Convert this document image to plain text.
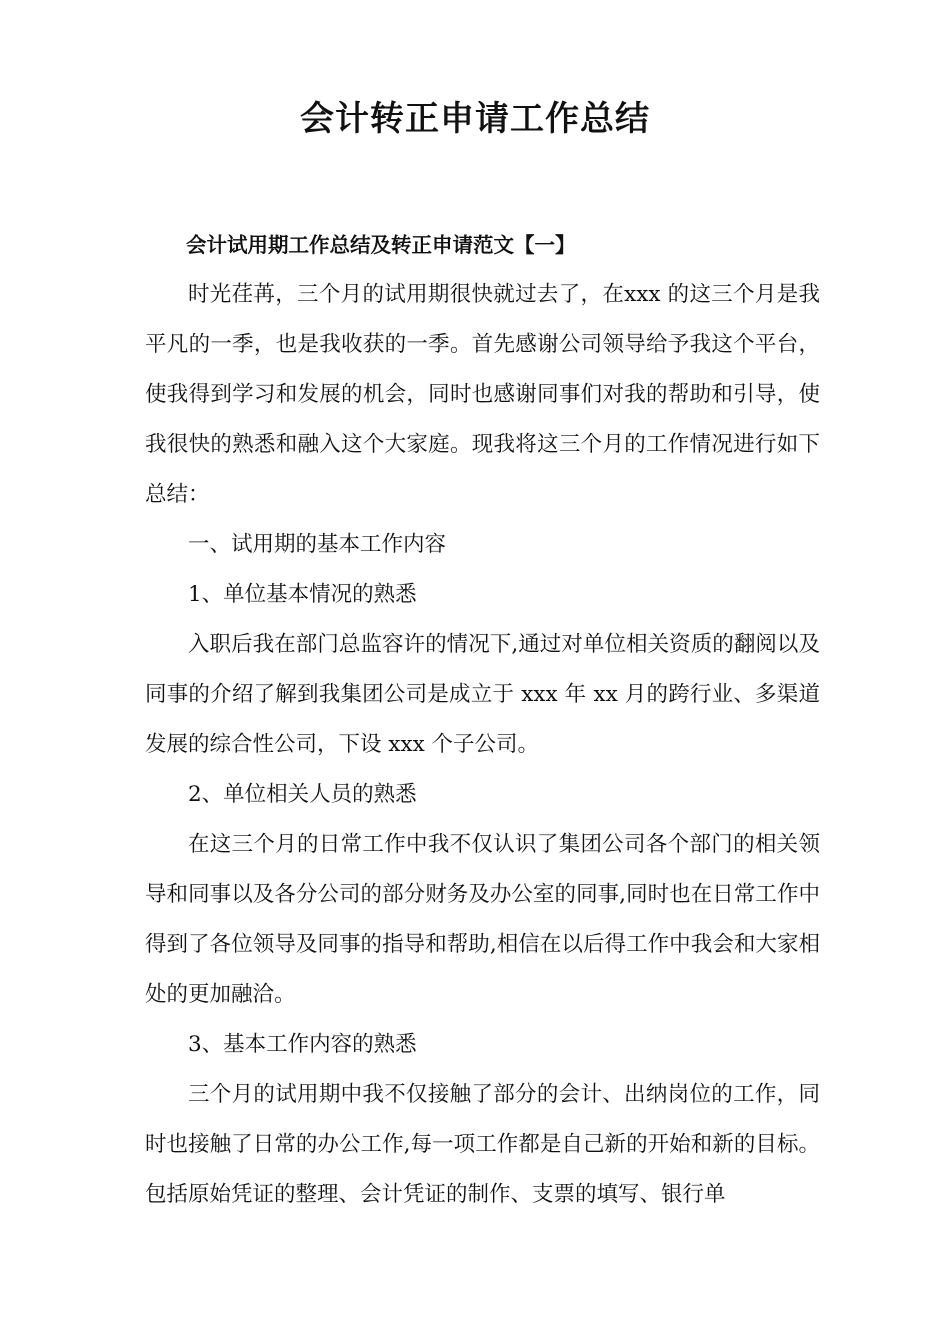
会计转正申请工作总结

会计试用期工作总结及转正申请范文【一】

时光荏苒，三个月的试用期很快就过去了，在xxx 的这三个月是我平凡的一季，也是我收获的一季。首先感谢公司领导给予我这个平台，使我得到学习和发展的机会，同时也感谢同事们对我的帮助和引导，使我很快的熟悉和融入这个大家庭。现我将这三个月的工作情况进行如下总结：

一、试用期的基本工作内容

1、单位基本情况的熟悉

入职后我在部门总监容许的情况下,通过对单位相关资质的翻阅以及同事的介绍了解到我集团公司是成立于 xxx 年 xx 月的跨行业、多渠道发展的综合性公司，下设 xxx 个子公司。

2、单位相关人员的熟悉

在这三个月的日常工作中我不仅认识了集团公司各个部门的相关领导和同事以及各分公司的部分财务及办公室的同事,同时也在日常工作中得到了各位领导及同事的指导和帮助,相信在以后得工作中我会和大家相处的更加融洽。

3、基本工作内容的熟悉

三个月的试用期中我不仅接触了部分的会计、出纳岗位的工作，同时也接触了日常的办公工作,每一项工作都是自己新的开始和新的目标。包括原始凭证的整理、会计凭证的制作、支票的填写、银行单
